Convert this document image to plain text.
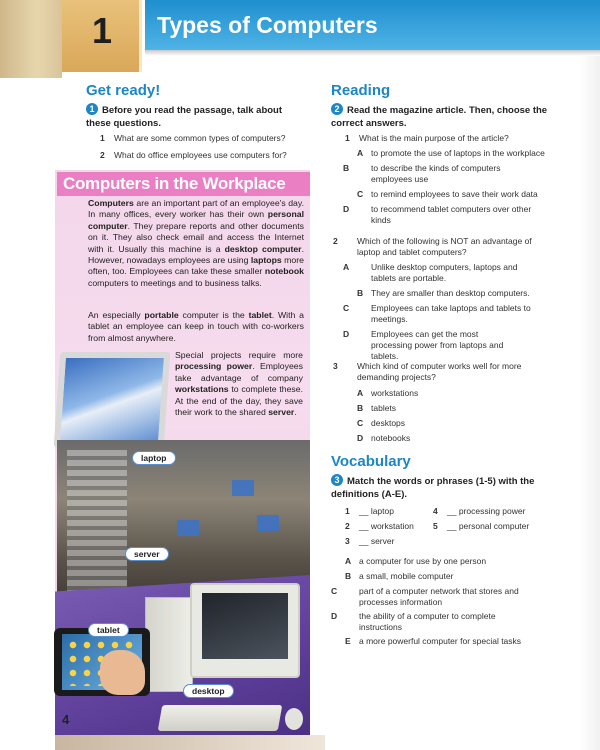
1	Types of Computers
Get ready!
1 Before you read the passage, talk about these questions.
1 What are some common types of computers?
2 What do office employees use computers for?
Computers in the Workplace
Computers are an important part of an employee's day. In many offices, every worker has their own personal computer. They prepare reports and other documents on it. They also check email and access the Internet with it. Usually this machine is a desktop computer. However, nowadays employees are using laptops more often, too. Employees can take these smaller notebook computers to meetings and to business talks.
An especially portable computer is the tablet. With a tablet an employee can keep in touch with co-workers from almost anywhere.
Special projects require more processing power. Employees take advantage of company workstations to complete these. At the end of the day, they save their work to the shared server.
laptop
server
tablet
desktop
4
Reading
2 Read the magazine article. Then, choose the correct answers.
1 What is the main purpose of the article?
A to promote the use of laptops in the workplace
B	to describe the kinds of computers employees use
C to remind employees to save their work data
D	to recommend tablet computers over other kinds
2 Which of the following is NOT an advantage of laptop and tablet computers?
A	Unlike desktop computers, laptops and tablets are portable.
B They are smaller than desktop computers.
C	Employees can take laptops and tablets to meetings.
D	Employees can get the most processing power from laptops and tablets.
3 Which kind of computer works well for more demanding projects?
A workstations
B tablets
C desktops
D notebooks
Vocabulary
3 Match the words or phrases (1-5) with the definitions (A-E).
1 __ laptop
2 __ workstation
3 __ server
4 __ processing power
5 __ personal computer
A a computer for use by one person
B a small, mobile computer
C	part of a computer network that stores and processes information
D	the ability of a computer to complete instructions
E a more powerful computer for special tasks
